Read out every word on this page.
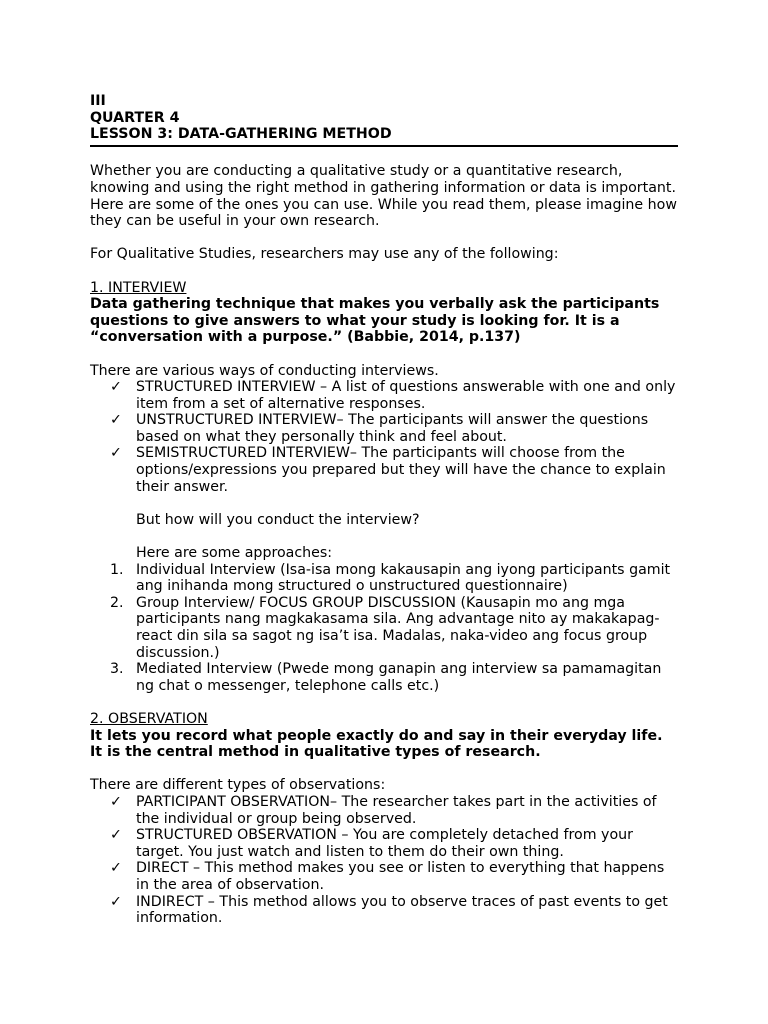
III
QUARTER 4
LESSON 3: DATA-GATHERING METHOD

Whether you are conducting a qualitative study or a quantitative research, knowing and using the right method in gathering information or data is important. Here are some of the ones you can use. While you read them, please imagine how they can be useful in your own research.

For Qualitative Studies, researchers may use any of the following:

1. INTERVIEW

Data gathering technique that makes you verbally ask the participants questions to give answers to what your study is looking for. It is a “conversation with a purpose.” (Babbie, 2014, p.137)

There are various ways of conducting interviews.

✓ STRUCTURED INTERVIEW – A list of questions answerable with one and only item from a set of alternative responses.
✓ UNSTRUCTURED INTERVIEW– The participants will answer the questions based on what they personally think and feel about.
✓ SEMISTRUCTURED INTERVIEW– The participants will choose from the options/expressions you prepared but they will have the chance to explain their answer.

But how will you conduct the interview?

Here are some approaches:

1. Individual Interview (Isa-isa mong kakausapin ang iyong participants gamit ang inihanda mong structured o unstructured questionnaire)
2. Group Interview/ FOCUS GROUP DISCUSSION (Kausapin mo ang mga participants nang magkakasama sila. Ang advantage nito ay makakapag-react din sila sa sagot ng isa’t isa. Madalas, naka-video ang focus group discussion.)
3. Mediated Interview (Pwede mong ganapin ang interview sa pamamagitan ng chat o messenger, telephone calls etc.)

2. OBSERVATION

It lets you record what people exactly do and say in their everyday life. It is the central method in qualitative types of research.

There are different types of observations:

✓ PARTICIPANT OBSERVATION– The researcher takes part in the activities of the individual or group being observed.
✓ STRUCTURED OBSERVATION – You are completely detached from your target. You just watch and listen to them do their own thing.
✓ DIRECT – This method makes you see or listen to everything that happens in the area of observation.
✓ INDIRECT – This method allows you to observe traces of past events to get information.
